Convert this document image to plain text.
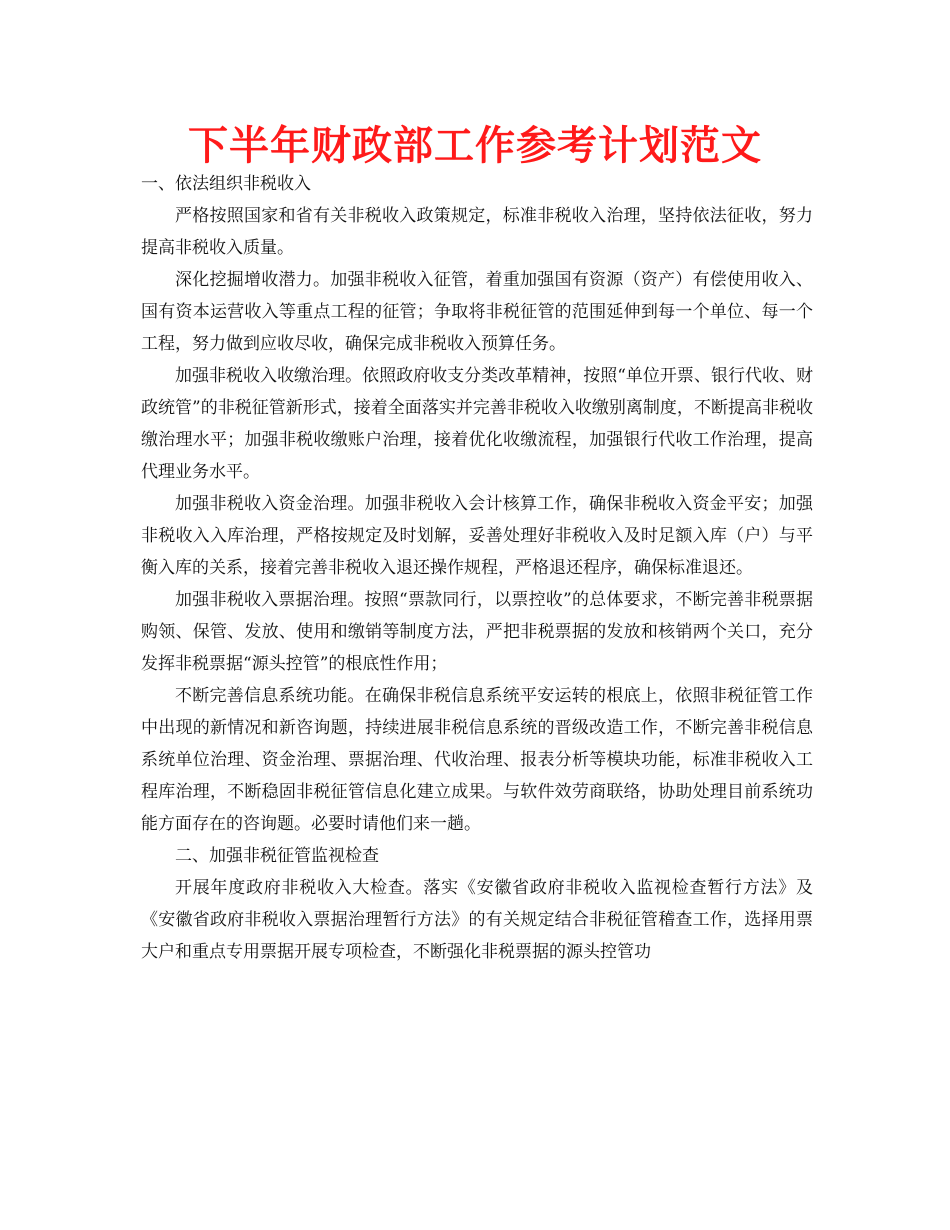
下半年财政部工作参考计划范文

一、依法组织非税收入

严格按照国家和省有关非税收入政策规定，标准非税收入治理，坚持依法征收，努力提高非税收入质量。

深化挖掘增收潜力。加强非税收入征管，着重加强国有资源（资产）有偿使用收入、国有资本运营收入等重点工程的征管；争取将非税征管的范围延伸到每一个单位、每一个工程，努力做到应收尽收，确保完成非税收入预算任务。

加强非税收入收缴治理。依照政府收支分类改革精神，按照“单位开票、银行代收、财政统管”的非税征管新形式，接着全面落实并完善非税收入收缴别离制度，不断提高非税收缴治理水平；加强非税收缴账户治理，接着优化收缴流程，加强银行代收工作治理，提高代理业务水平。

加强非税收入资金治理。加强非税收入会计核算工作，确保非税收入资金平安；加强非税收入入库治理，严格按规定及时划解，妥善处理好非税收入及时足额入库（户）与平衡入库的关系，接着完善非税收入退还操作规程，严格退还程序，确保标准退还。

加强非税收入票据治理。按照“票款同行，以票控收”的总体要求，不断完善非税票据购领、保管、发放、使用和缴销等制度方法，严把非税票据的发放和核销两个关口，充分发挥非税票据“源头控管”的根底性作用；

不断完善信息系统功能。在确保非税信息系统平安运转的根底上，依照非税征管工作中出现的新情况和新咨询题，持续进展非税信息系统的晋级改造工作，不断完善非税信息系统单位治理、资金治理、票据治理、代收治理、报表分析等模块功能，标准非税收入工程库治理，不断稳固非税征管信息化建立成果。与软件效劳商联络，协助处理目前系统功能方面存在的咨询题。必要时请他们来一趟。

二、加强非税征管监视检查

开展年度政府非税收入大检查。落实《安徽省政府非税收入监视检查暂行方法》及《安徽省政府非税收入票据治理暂行方法》的有关规定结合非税征管稽查工作，选择用票大户和重点专用票据开展专项检查，不断强化非税票据的源头控管功
